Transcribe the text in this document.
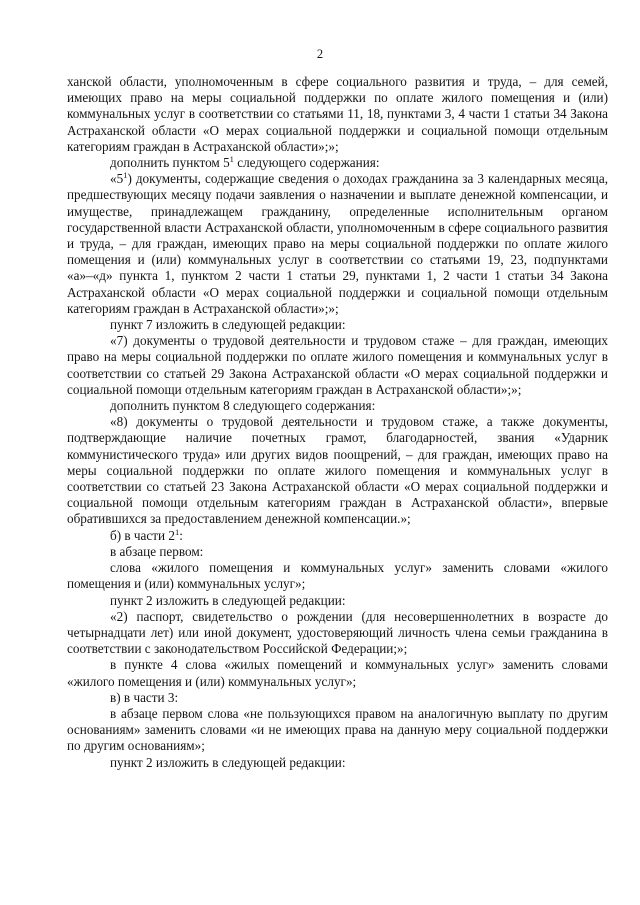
2

ханской области, уполномоченным в сфере социального развития и труда, – для семей, имеющих право на меры социальной поддержки по оплате жилого помещения и (или) коммунальных услуг в соответствии со статьями 11, 18, пунктами 3, 4 части 1 статьи 34 Закона Астраханской области «О мерах социальной поддержки и социальной помощи отдельным категориям граждан в Астраханской области»;»;

дополнить пунктом $5^1$ следующего содержания:

«$5^1$) документы, содержащие сведения о доходах гражданина за 3 календарных месяца, предшествующих месяцу подачи заявления о назначении и выплате денежной компенсации, и имуществе, принадлежащем гражданину, определенные исполнительным органом государственной власти Астраханской области, уполномоченным в сфере социального развития и труда, – для граждан, имеющих право на меры социальной поддержки по оплате жилого помещения и (или) коммунальных услуг в соответствии со статьями 19, 23, подпунктами «а»–«д» пункта 1, пунктом 2 части 1 статьи 29, пунктами 1, 2 части 1 статьи 34 Закона Астраханской области «О мерах социальной поддержки и социальной помощи отдельным категориям граждан в Астраханской области»;»;

пункт 7 изложить в следующей редакции:

«7) документы о трудовой деятельности и трудовом стаже – для граждан, имеющих право на меры социальной поддержки по оплате жилого помещения и коммунальных услуг в соответствии со статьей 29 Закона Астраханской области «О мерах социальной поддержки и социальной помощи отдельным категориям граждан в Астраханской области»;»;

дополнить пунктом 8 следующего содержания:

«8) документы о трудовой деятельности и трудовом стаже, а также документы, подтверждающие наличие почетных грамот, благодарностей, звания «Ударник коммунистического труда» или других видов поощрений, – для граждан, имеющих право на меры социальной поддержки по оплате жилого помещения и коммунальных услуг в соответствии со статьей 23 Закона Астраханской области «О мерах социальной поддержки и социальной помощи отдельным категориям граждан в Астраханской области», впервые обратившихся за предоставлением денежной компенсации.»;

б) в части $2^1$:

в абзаце первом:

слова «жилого помещения и коммунальных услуг» заменить словами «жилого помещения и (или) коммунальных услуг»;

пункт 2 изложить в следующей редакции:

«2) паспорт, свидетельство о рождении (для несовершеннолетних в возрасте до четырнадцати лет) или иной документ, удостоверяющий личность члена семьи гражданина в соответствии с законодательством Российской Федерации;»;

в пункте 4 слова «жилых помещений и коммунальных услуг» заменить словами «жилого помещения и (или) коммунальных услуг»;

в) в части 3:

в абзаце первом слова «не пользующихся правом на аналогичную выплату по другим основаниям» заменить словами «и не имеющих права на данную меру социальной поддержки по другим основаниям»;

пункт 2 изложить в следующей редакции:
